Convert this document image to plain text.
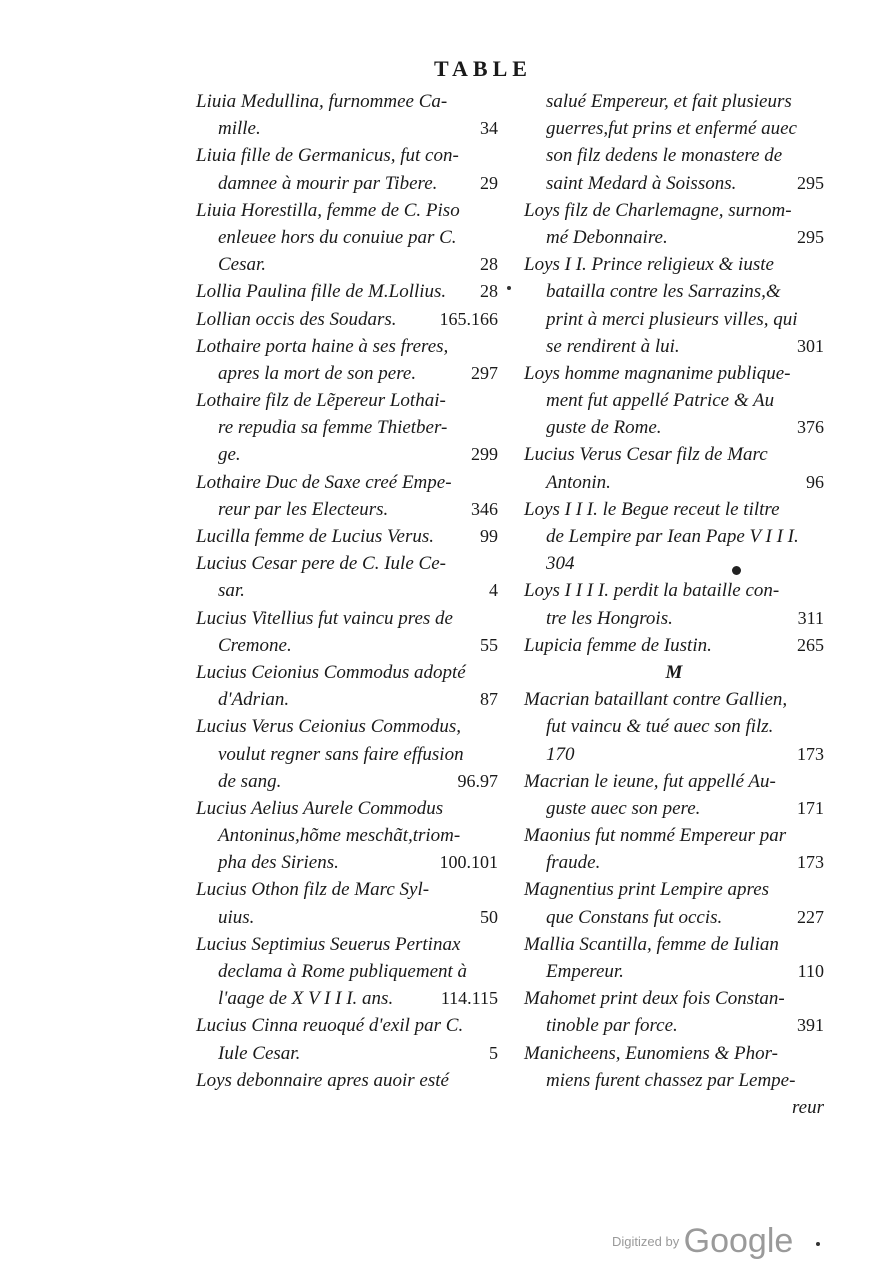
TABLE
Liuia Medullina, furnommee Ca-
mille.	34
Liuia fille de Germanicus, fut con-
damnee à mourir par Tibere. 29
Liuia Horestilla, femme de C. Piso
enleuee hors du conuiue par C.
Cesar.	28
Lollia Paulina fille de M.Lollius. 28
Lollian occis des Soudars. 165.166
Lothaire porta haine à ses freres,
apres la mort de son pere.	297
Lothaire filz de Lẽpereur Lothai-
re repudia sa femme Thietber-
ge.	299
Lothaire Duc de Saxe creé Empe-
reur par les Electeurs.	346
Lucilla femme de Lucius Verus.	99
Lucius Cesar pere de C. Iule Ce-
sar.	4
Lucius Vitellius fut vaincu pres de
Cremone.	55
Lucius Ceionius Commodus adopté
d'Adrian.	87
Lucius Verus Ceionius Commodus,
voulut regner sans faire effusion
de sang.	96.97
Lucius Aelius Aurele Commodus
Antoninus,hõme meschãt,triom-
pha des Siriens.	100.101
Lucius Othon filz de Marc Syl-
uius.	50
Lucius Septimius Seuerus Pertinax
declama à Rome publiquement à
l'aage de X V I I I. ans.	114.115
Lucius Cinna reuoqué d'exil par C.
Iule Cesar.	5
Loys debonnaire apres auoir esté
salué Empereur, et fait plusieurs
guerres,fut prins et enfermé auec
son filz dedens le monastere de
saint Medard à Soissons.	295
Loys filz de Charlemagne, surnom-
mé Debonnaire.	295
Loys I I. Prince religieux & iuste
batailla contre les Sarrazins,&
print à merci plusieurs villes, qui
se rendirent à lui.	301
Loys homme magnanime publique-
ment fut appellé Patrice & Au
guste de Rome.	376
Lucius Verus Cesar filz de Marc
Antonin.	96
Loys I I I. le Begue receut le tiltre
de Lempire par Iean Pape V I I I.
304
Loys I I I I. perdit la bataille con-
tre les Hongrois.	311
Lupicia femme de Iustin.	265
M
Macrian bataillant contre Gallien,
fut vaincu & tué auec son filz.
170	173
Macrian le ieune, fut appellé Au-
guste auec son pere.	171
Maonius fut nommé Empereur par
fraude.	173
Magnentius print Lempire apres
que Constans fut occis.	227
Mallia Scantilla, femme de Iulian
Empereur.	110
Mahomet print deux fois Constan-
tinoble par force.	391
Manicheens, Eunomiens & Phor-
miens furent chassez par Lempe-
reur
Digitized by Google
